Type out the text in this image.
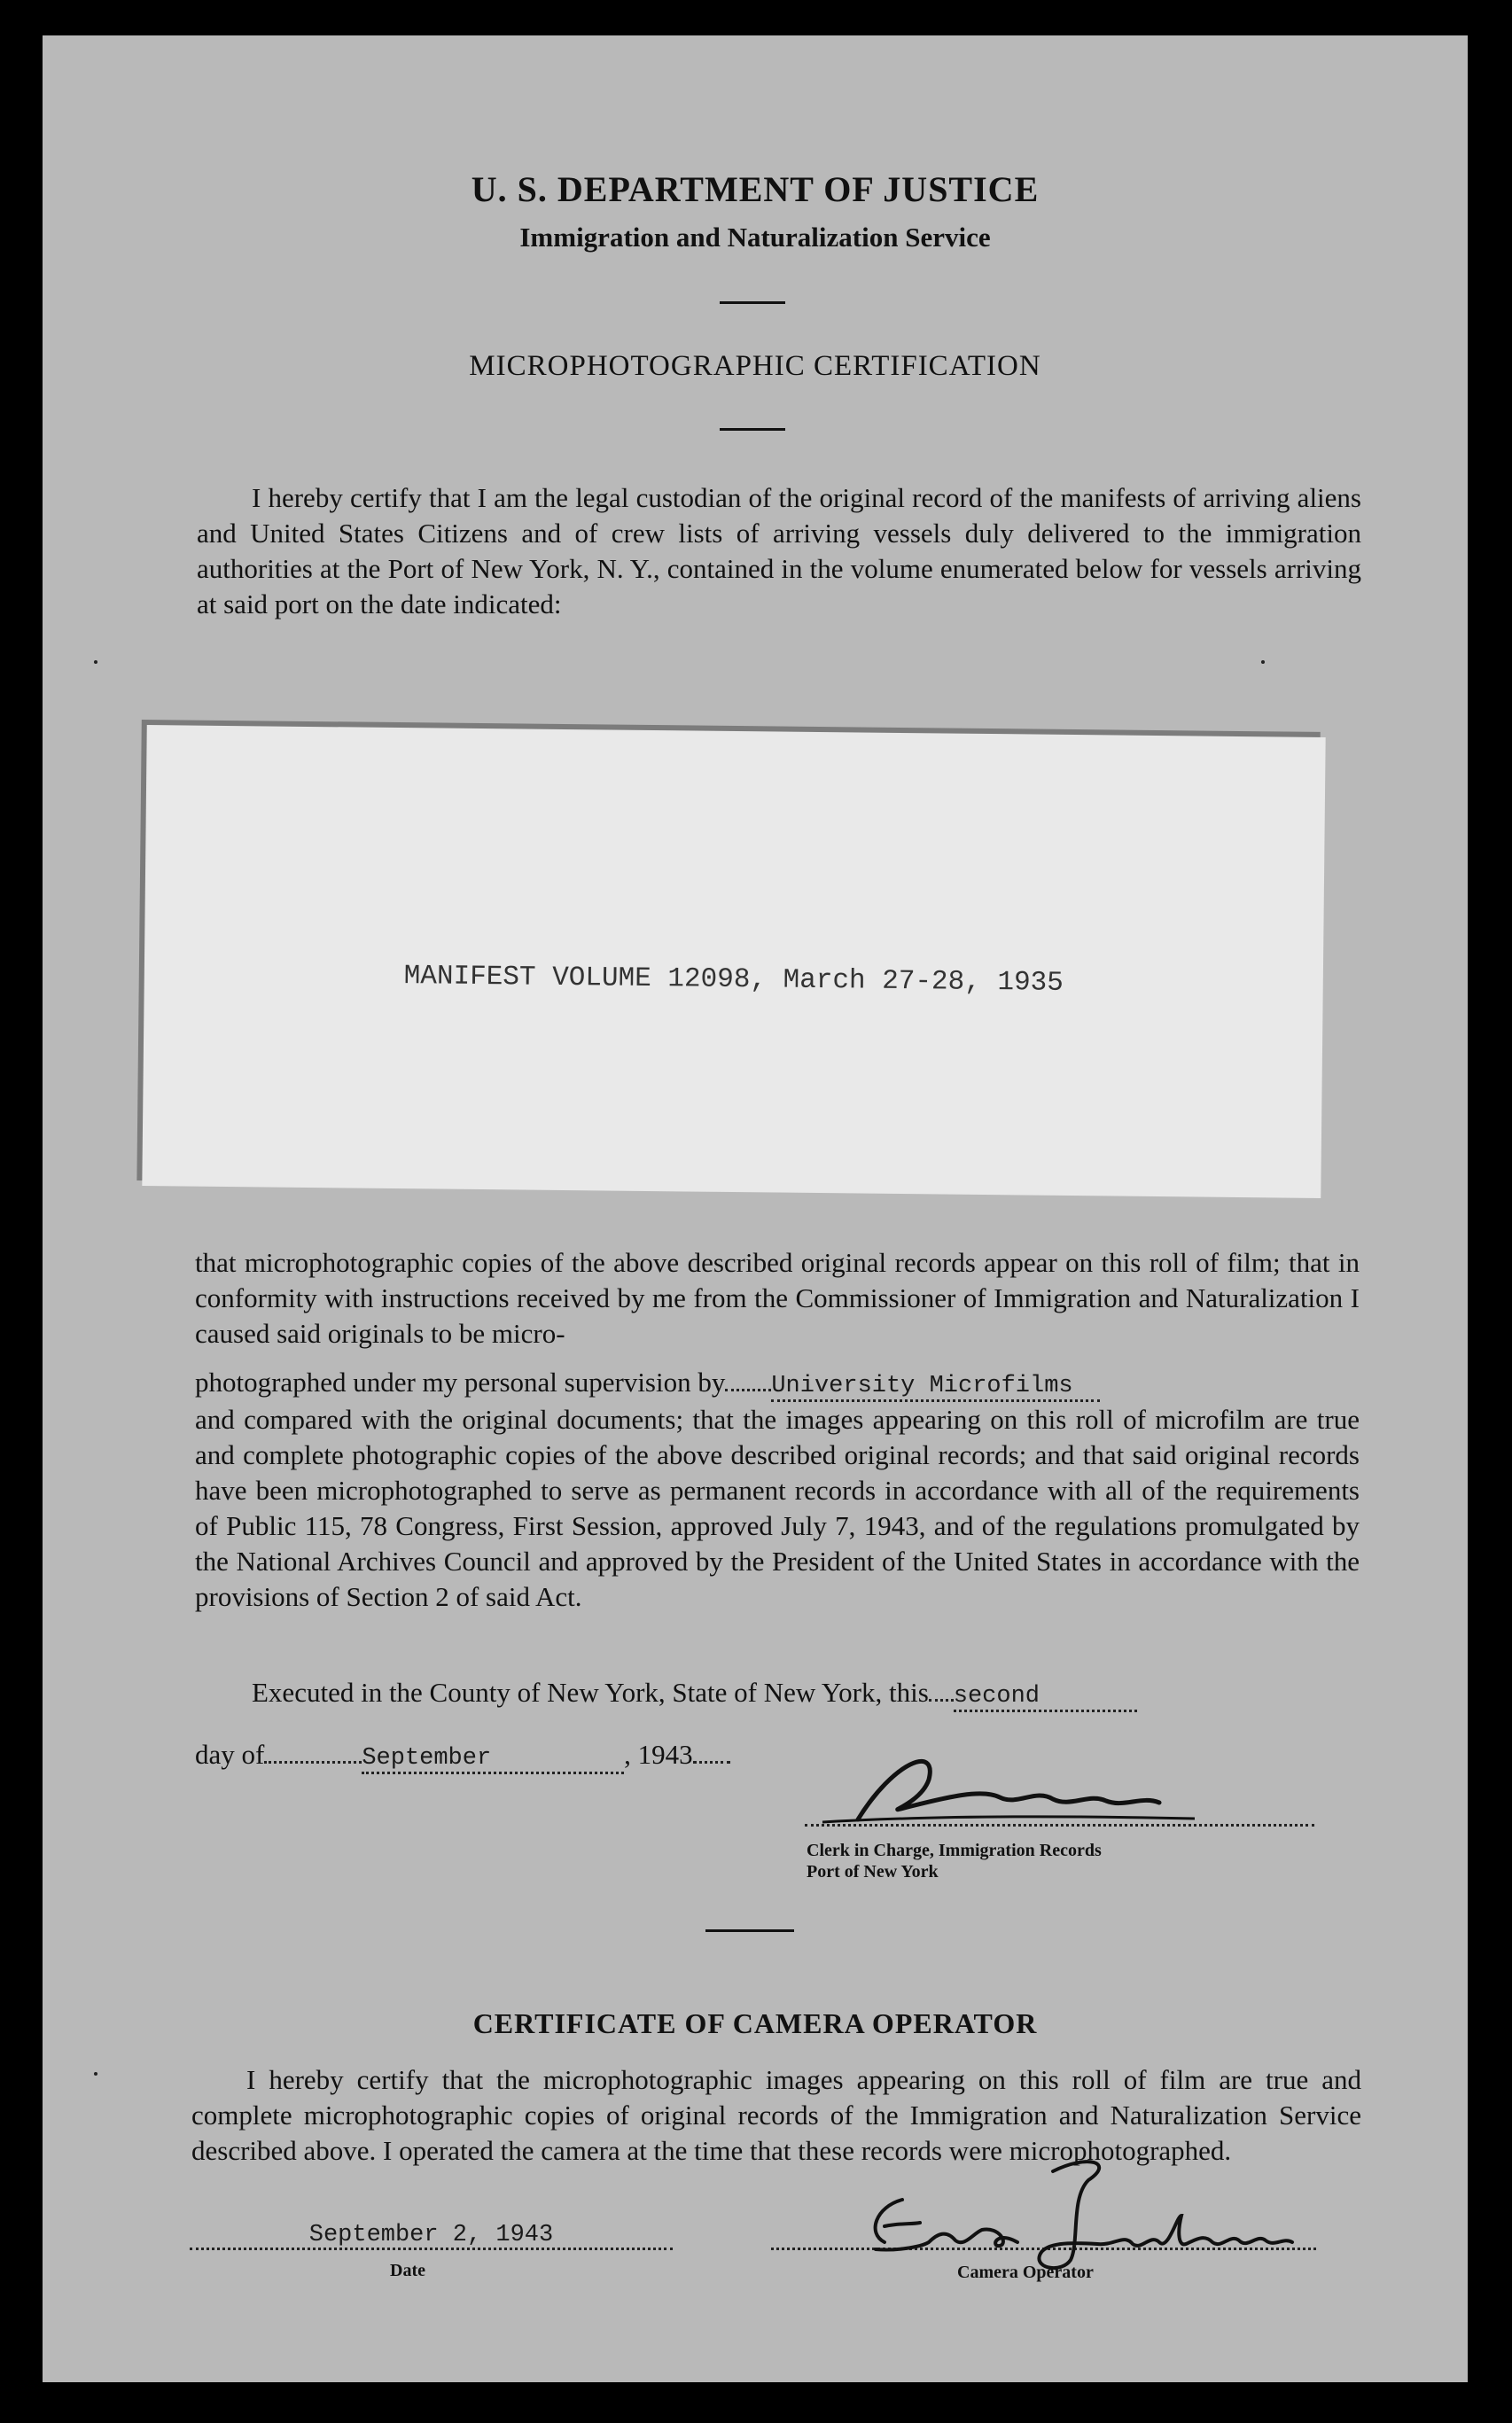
U. S. DEPARTMENT OF JUSTICE
Immigration and Naturalization Service
MICROPHOTOGRAPHIC CERTIFICATION
I hereby certify that I am the legal custodian of the original record of the manifests of arriving aliens and United States Citizens and of crew lists of arriving vessels duly delivered to the immigration authorities at the Port of New York, N. Y., contained in the volume enumerated below for vessels arriving at said port on the date indicated:
MANIFEST VOLUME 12098, March 27-28, 1935
that microphotographic copies of the above described original records appear on this roll of film; that in conformity with instructions received by me from the Commissioner of Immigration and Naturalization I caused said originals to be micro-
photographed under my personal supervision by University Microfilms
and compared with the original documents; that the images appearing on this roll of microfilm are true and complete photographic copies of the above described original records; and that said original records have been microphotographed to serve as permanent records in accordance with all of the requirements of Public 115, 78 Congress, First Session, approved July 7, 1943, and of the regulations promulgated by the National Archives Council and approved by the President of the United States in accordance with the provisions of Section 2 of said Act.
Executed in the County of New York, State of New York, this second
day of	September	, 1943
Clerk in Charge, Immigration Records
Port of New York
CERTIFICATE OF CAMERA OPERATOR
I hereby certify that the microphotographic images appearing on this roll of film are true and complete microphotographic copies of original records of the Immigration and Naturalization Service described above. I operated the camera at the time that these records were microphotographed.
September 2, 1943
Date	Camera Operator
